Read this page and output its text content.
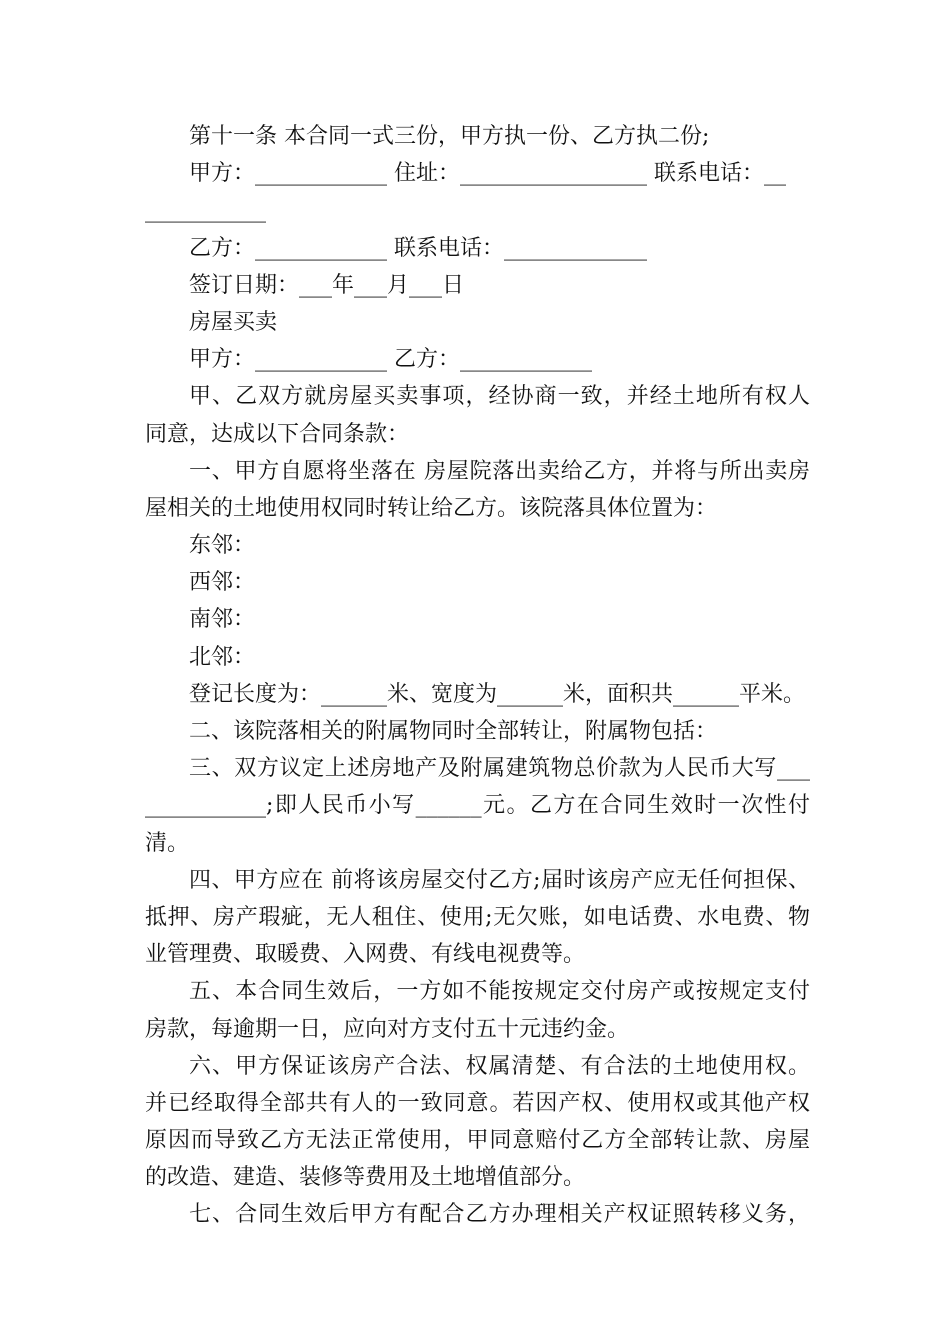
第十一条 本合同一式三份，甲方执一份、乙方执二份;
甲方：____________ 住址：_________________ 联系电话：__
___________
乙方：____________ 联系电话：_____________
签订日期：___年___月___日
房屋买卖
甲方：____________ 乙方：____________
甲、乙双方就房屋买卖事项，经协商一致，并经土地所有权人
同意，达成以下合同条款：
一、甲方自愿将坐落在 房屋院落出卖给乙方，并将与所出卖房
屋相关的土地使用权同时转让给乙方。该院落具体位置为：
东邻：
西邻：
南邻：
北邻：
登记长度为：______米、宽度为______米，面积共______平米。
二、该院落相关的附属物同时全部转让，附属物包括：
三、双方议定上述房地产及附属建筑物总价款为人民币大写___
___________;即人民币小写______元。乙方在合同生效时一次性付
清。
四、甲方应在 前将该房屋交付乙方;届时该房产应无任何担保、
抵押、房产瑕疵，无人租住、使用;无欠账，如电话费、水电费、物
业管理费、取暖费、入网费、有线电视费等。
五、本合同生效后，一方如不能按规定交付房产或按规定支付
房款，每逾期一日，应向对方支付五十元违约金。
六、甲方保证该房产合法、权属清楚、有合法的土地使用权。
并已经取得全部共有人的一致同意。若因产权、使用权或其他产权
原因而导致乙方无法正常使用，甲同意赔付乙方全部转让款、房屋
的改造、建造、装修等费用及土地增值部分。
七、合同生效后甲方有配合乙方办理相关产权证照转移义务，
